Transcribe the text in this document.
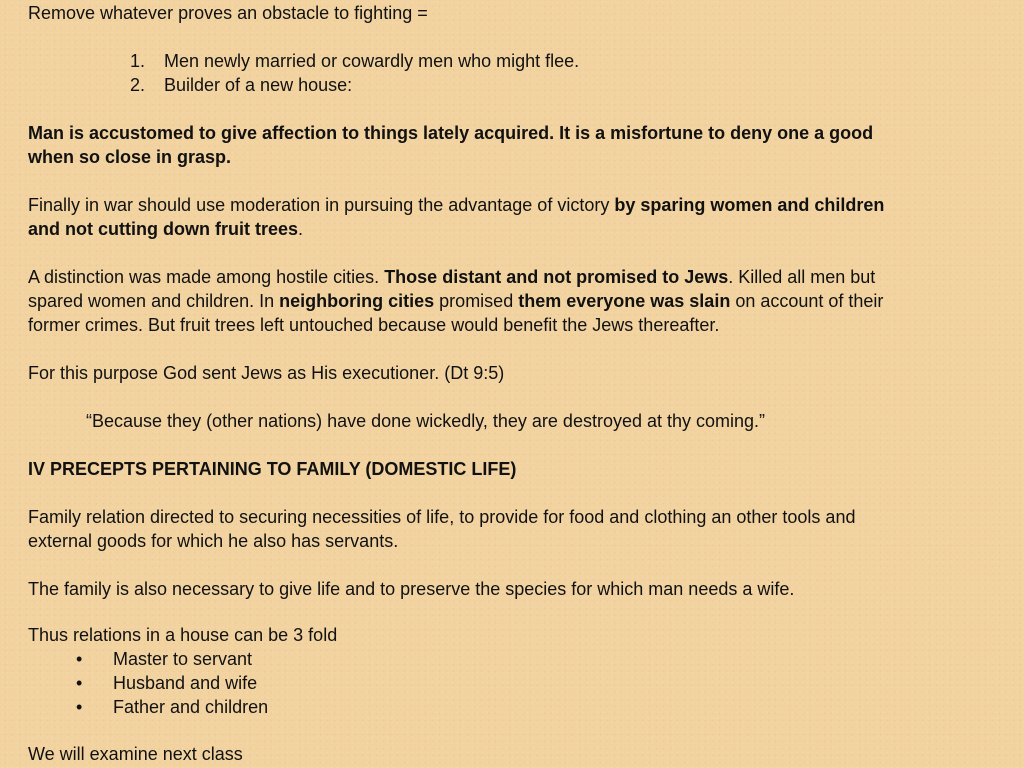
Remove whatever proves an obstacle to fighting =
1. Men newly married or cowardly men who might flee.
2. Builder of a new house:
Man is accustomed to give affection to things lately acquired. It is a misfortune to deny one a good
when so close in grasp.
Finally in war should use moderation in pursuing the advantage of victory by sparing women and children
and not cutting down fruit trees.
A distinction was made among hostile cities. Those distant and not promised to Jews. Killed all men but
spared women and children. In neighboring cities promised them everyone was slain on account of their
former crimes. But fruit trees left untouched because would benefit the Jews thereafter.
For this purpose God sent Jews as His executioner. (Dt 9:5)
“Because they (other nations) have done wickedly, they are destroyed at thy coming.”
IV PRECEPTS PERTAINING TO FAMILY (DOMESTIC LIFE)
Family relation directed to securing necessities of life, to provide for food and clothing an other tools and
external goods for which he also has servants.
The family is also necessary to give life and to preserve the species for which man needs a wife.
Thus relations in a house can be 3 fold
• Master to servant
• Husband and wife
• Father and children
We will examine next class
